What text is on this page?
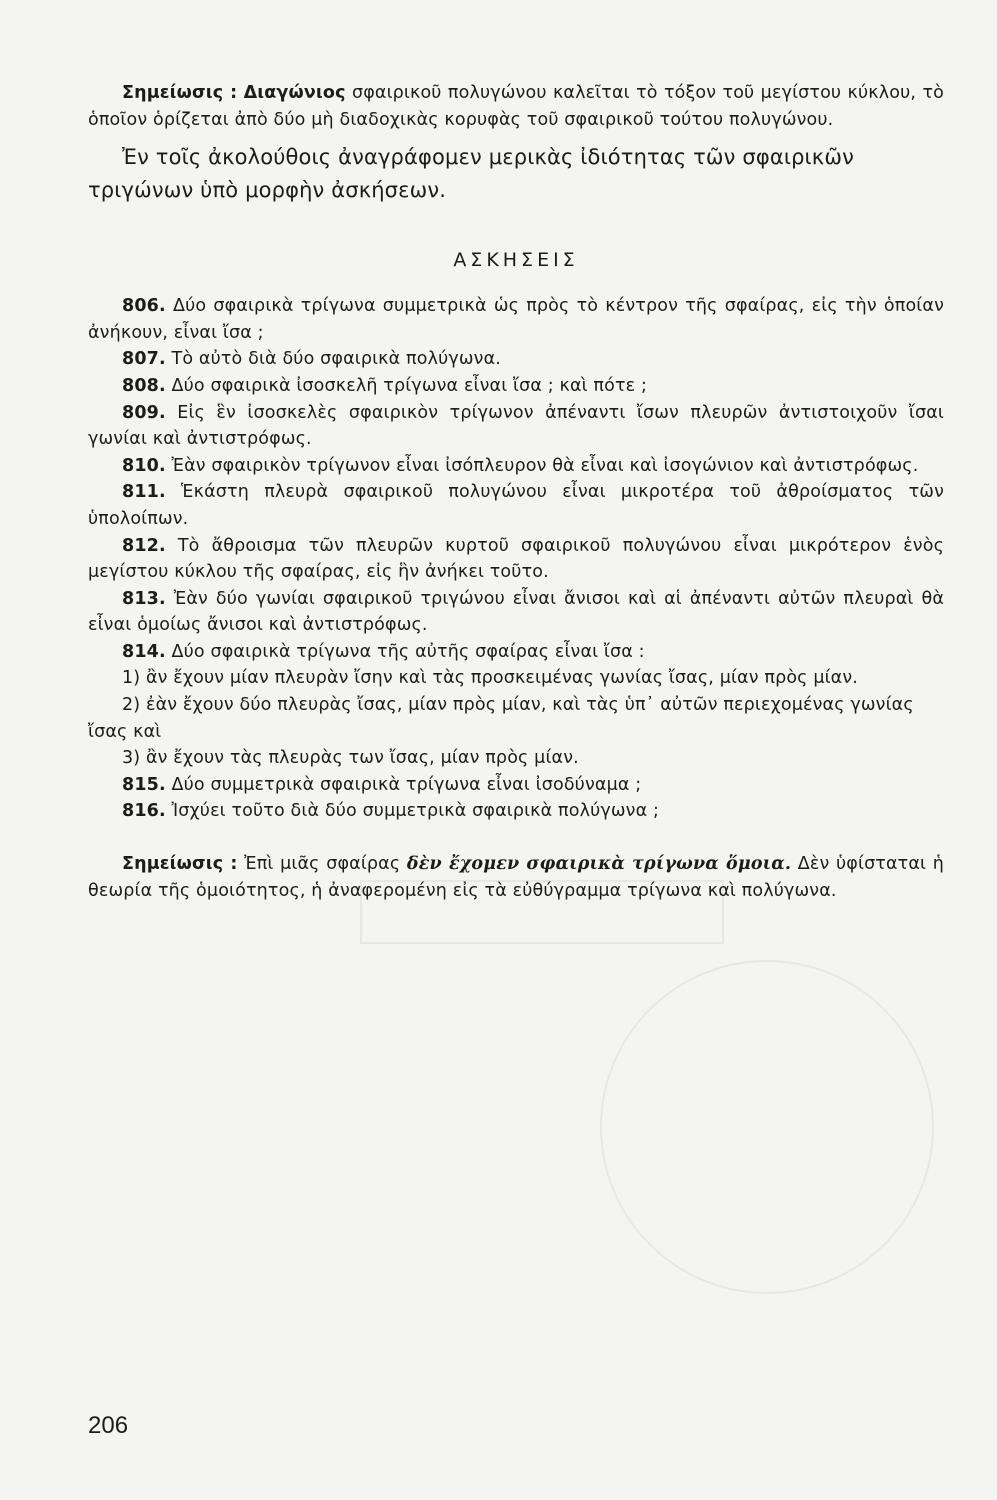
Σημείωσις : Διαγώνιος σφαιρικοῦ πολυγώνου καλεῖται τὸ τόξον τοῦ μεγίστου κύκλου, τὸ ὁποῖον ὁρίζεται ἀπὸ δύο μὴ διαδοχικὰς κορυφὰς τοῦ σφαιρικοῦ τούτου πολυγώνου.

Ἐν τοῖς ἀκολούθοις ἀναγράφομεν μερικὰς ἰδιότητας τῶν σφαιρικῶν τριγώνων ὑπὸ μορφὴν ἀσκήσεων.

ΑΣΚΗΣΕΙΣ

806. Δύο σφαιρικὰ τρίγωνα συμμετρικὰ ὡς πρὸς τὸ κέντρον τῆς σφαίρας, εἰς τὴν ὁποίαν ἀνήκουν, εἶναι ἴσα ;

807. Τὸ αὐτὸ διὰ δύο σφαιρικὰ πολύγωνα.

808. Δύο σφαιρικὰ ἰσοσκελῆ τρίγωνα εἶναι ἴσα ; καὶ πότε ;

809. Εἰς ἓν ἰσοσκελὲς σφαιρικὸν τρίγωνον ἀπέναντι ἴσων πλευρῶν ἀντιστοιχοῦν ἴσαι γωνίαι καὶ ἀντιστρόφως.

810. Ἐὰν σφαιρικὸν τρίγωνον εἶναι ἰσόπλευρον θὰ εἶναι καὶ ἰσογώνιον καὶ ἀντιστρόφως.

811. Ἑκάστη πλευρὰ σφαιρικοῦ πολυγώνου εἶναι μικροτέρα τοῦ ἀθροίσματος τῶν ὑπολοίπων.

812. Τὸ ἄθροισμα τῶν πλευρῶν κυρτοῦ σφαιρικοῦ πολυγώνου εἶναι μικρότερον ἑνὸς μεγίστου κύκλου τῆς σφαίρας, εἰς ἣν ἀνήκει τοῦτο.

813. Ἐὰν δύο γωνίαι σφαιρικοῦ τριγώνου εἶναι ἄνισοι καὶ αἱ ἀπέναντι αὐτῶν πλευραὶ θὰ εἶναι ὁμοίως ἄνισοι καὶ ἀντιστρόφως.

814. Δύο σφαιρικὰ τρίγωνα τῆς αὐτῆς σφαίρας εἶναι ἴσα :

1) ἂν ἔχουν μίαν πλευρὰν ἴσην καὶ τὰς προσκειμένας γωνίας ἴσας, μίαν πρὸς μίαν.

2) ἐὰν ἔχουν δύο πλευρὰς ἴσας, μίαν πρὸς μίαν, καὶ τὰς ὑπ᾽ αὐτῶν περιεχομένας γωνίας ἴσας καὶ

3) ἂν ἔχουν τὰς πλευρὰς των ἴσας, μίαν πρὸς μίαν.

815. Δύο συμμετρικὰ σφαιρικὰ τρίγωνα εἶναι ἰσοδύναμα ;

816. Ἰσχύει τοῦτο διὰ δύο συμμετρικὰ σφαιρικὰ πολύγωνα ;

Σημείωσις : Ἐπὶ μιᾶς σφαίρας δὲν ἔχομεν σφαιρικὰ τρίγωνα ὅμοια. Δὲν ὑφίσταται ἡ θεωρία τῆς ὁμοιότητος, ἡ ἀναφερομένη εἰς τὰ εὐθύγραμμα τρίγωνα καὶ πολύγωνα.

206
